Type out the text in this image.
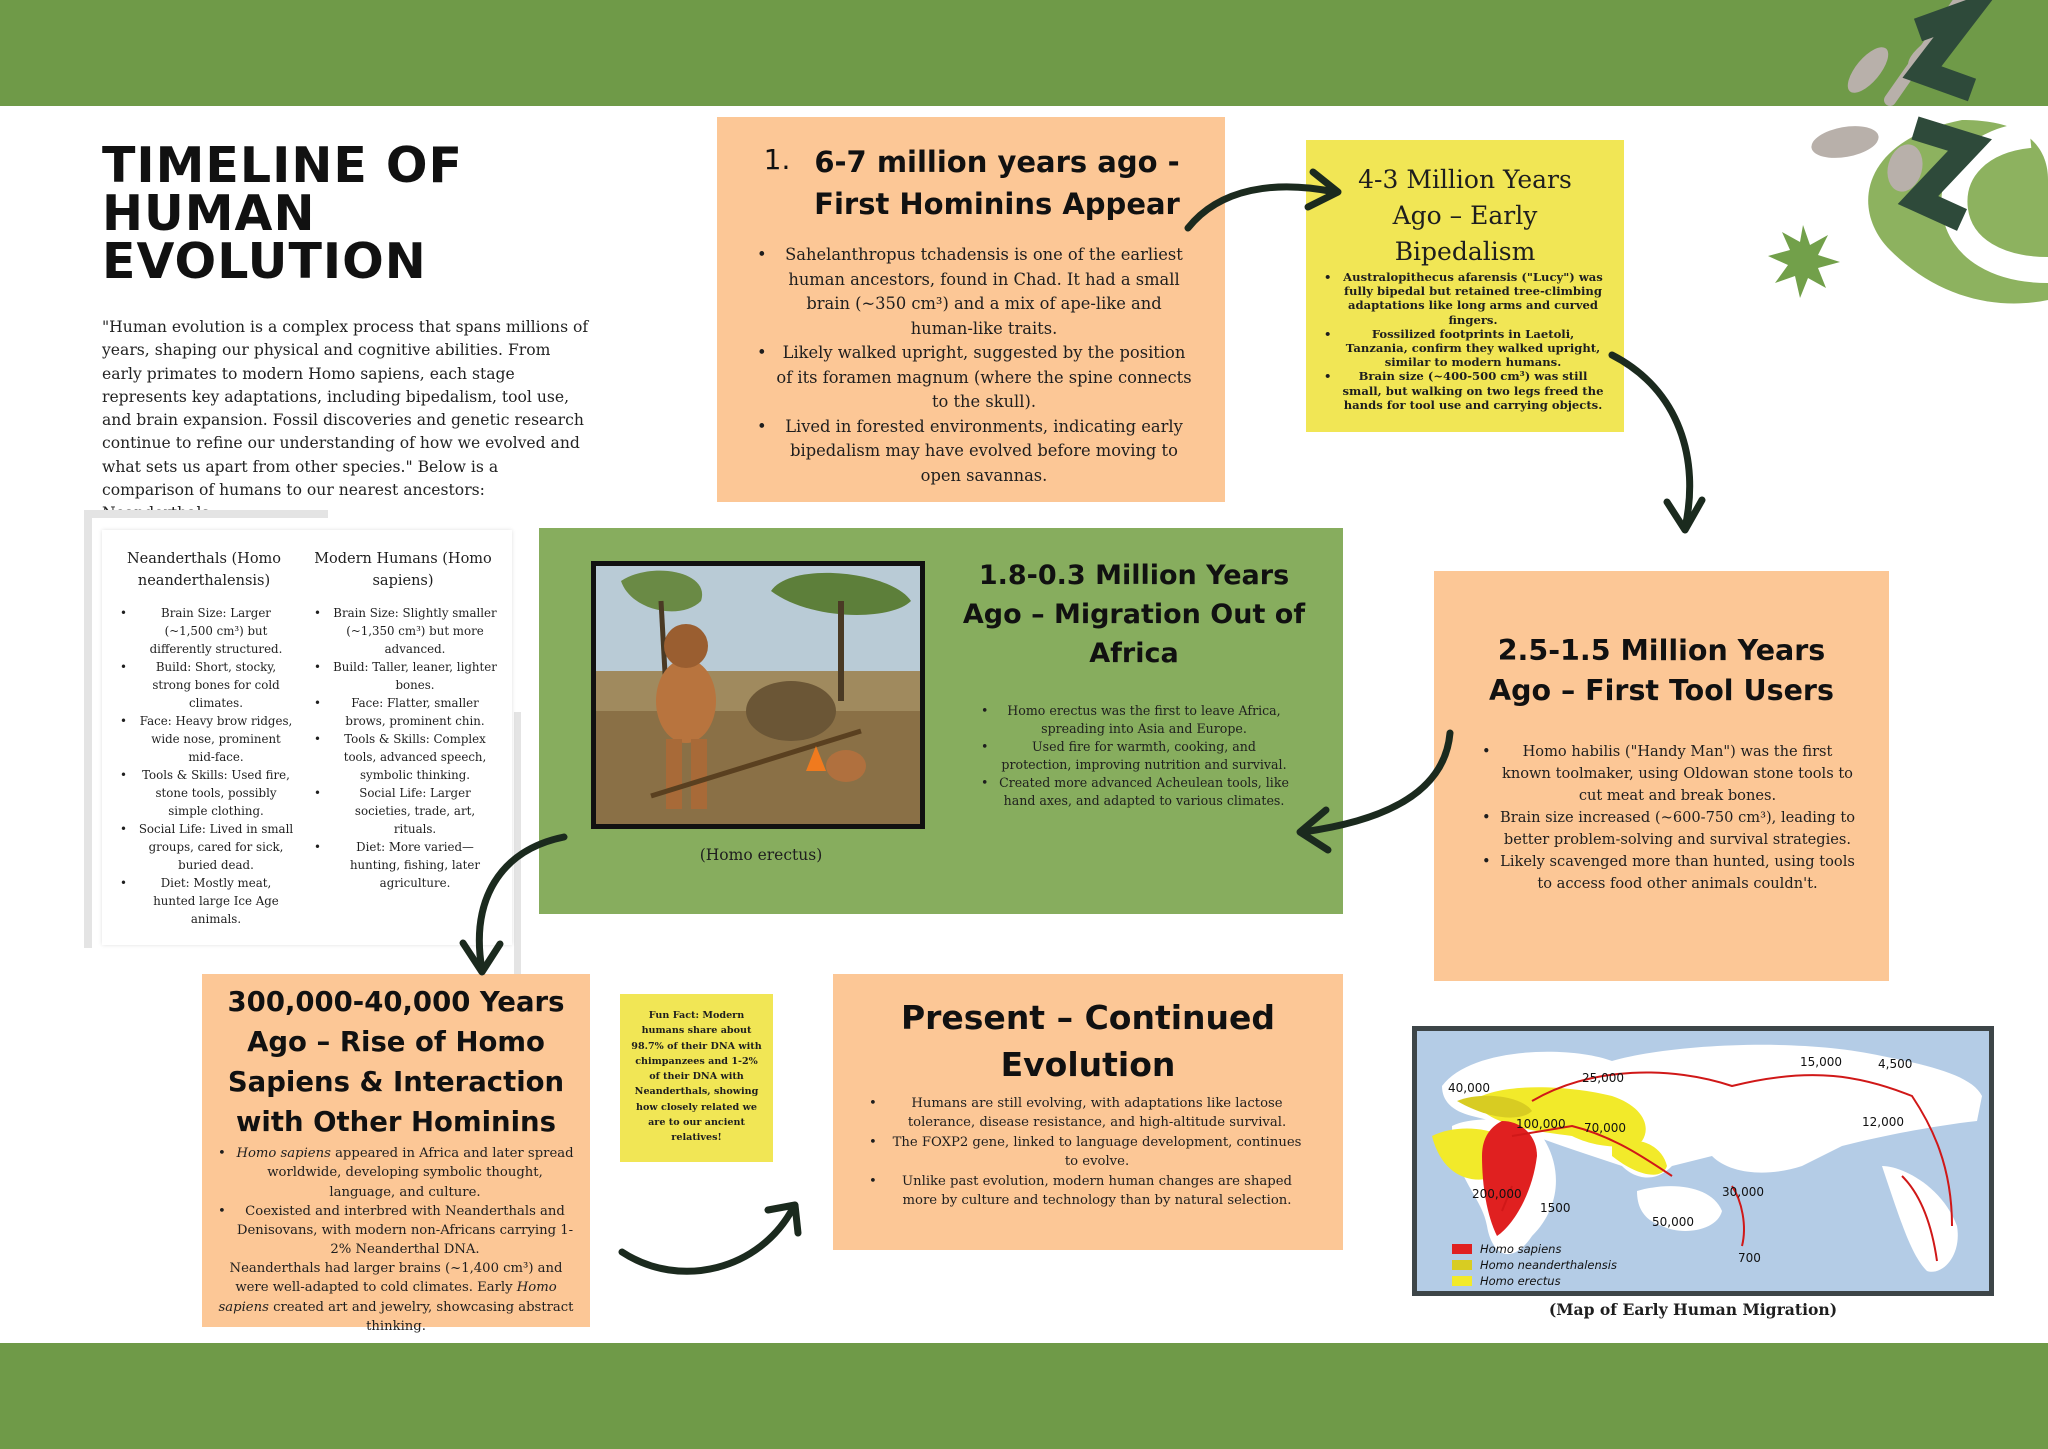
TIMELINE OF
HUMAN
EVOLUTION
"Human evolution is a complex process that spans millions of years, shaping our physical and cognitive abilities. From early primates to modern Homo sapiens, each stage represents key adaptations, including bipedalism, tool use, and brain expansion. Fossil discoveries and genetic research continue to refine our understanding of how we evolved and what sets us apart from other species." Below is a comparison of humans to our nearest ancestors: Neanderthals.
Neanderthals (Homo neanderthalensis)
• Brain Size: Larger (~1,500 cm³) but differently structured.
• Build: Short, stocky, strong bones for cold climates.
• Face: Heavy brow ridges, wide nose, prominent mid-face.
• Tools & Skills: Used fire, stone tools, possibly simple clothing.
• Social Life: Lived in small groups, cared for sick, buried dead.
• Diet: Mostly meat, hunted large Ice Age animals.
Modern Humans (Homo sapiens)
• Brain Size: Slightly smaller (~1,350 cm³) but more advanced.
• Build: Taller, leaner, lighter bones.
• Face: Flatter, smaller brows, prominent chin.
• Tools & Skills: Complex tools, advanced speech, symbolic thinking.
• Social Life: Larger societies, trade, art, rituals.
• Diet: More varied—hunting, fishing, later agriculture.
1. 6-7 million years ago -
First Hominins Appear
• Sahelanthropus tchadensis is one of the earliest human ancestors, found in Chad. It had a small brain (~350 cm³) and a mix of ape-like and human-like traits.
• Likely walked upright, suggested by the position of its foramen magnum (where the spine connects to the skull).
• Lived in forested environments, indicating early bipedalism may have evolved before moving to open savannas.
4-3 Million Years Ago – Early Bipedalism
• Australopithecus afarensis ("Lucy") was fully bipedal but retained tree-climbing adaptations like long arms and curved fingers.
• Fossilized footprints in Laetoli, Tanzania, confirm they walked upright, similar to modern humans.
• Brain size (~400-500 cm³) was still small, but walking on two legs freed the hands for tool use and carrying objects.
(Homo erectus)
1.8-0.3 Million Years Ago – Migration Out of Africa
• Homo erectus was the first to leave Africa, spreading into Asia and Europe.
• Used fire for warmth, cooking, and protection, improving nutrition and survival.
• Created more advanced Acheulean tools, like hand axes, and adapted to various climates.
2.5-1.5 Million Years Ago – First Tool Users
• Homo habilis ("Handy Man") was the first known toolmaker, using Oldowan stone tools to cut meat and break bones.
• Brain size increased (~600-750 cm³), leading to better problem-solving and survival strategies.
• Likely scavenged more than hunted, using tools to access food other animals couldn't.
300,000-40,000 Years Ago – Rise of Homo Sapiens & Interaction with Other Hominins
• Homo sapiens appeared in Africa and later spread worldwide, developing symbolic thought, language, and culture.
• Coexisted and interbred with Neanderthals and Denisovans, with modern non-Africans carrying 1-2% Neanderthal DNA.
Neanderthals had larger brains (~1,400 cm³) and were well-adapted to cold climates. Early Homo sapiens created art and jewelry, showcasing abstract thinking.
Fun Fact: Modern humans share about 98.7% of their DNA with chimpanzees and 1-2% of their DNA with Neanderthals, showing how closely related we are to our ancient relatives!
Present – Continued Evolution
• Humans are still evolving, with adaptations like lactose tolerance, disease resistance, and high-altitude survival.
• The FOXP2 gene, linked to language development, continues to evolve.
• Unlike past evolution, modern human changes are shaped more by culture and technology than by natural selection.
40,000
25,000
15,000	4,500
100,000 70,000	12,000
200,000
1500
30,000
50,000
700
Homo sapiens
Homo neanderthalensis
Homo erectus
(Map of Early Human Migration)
